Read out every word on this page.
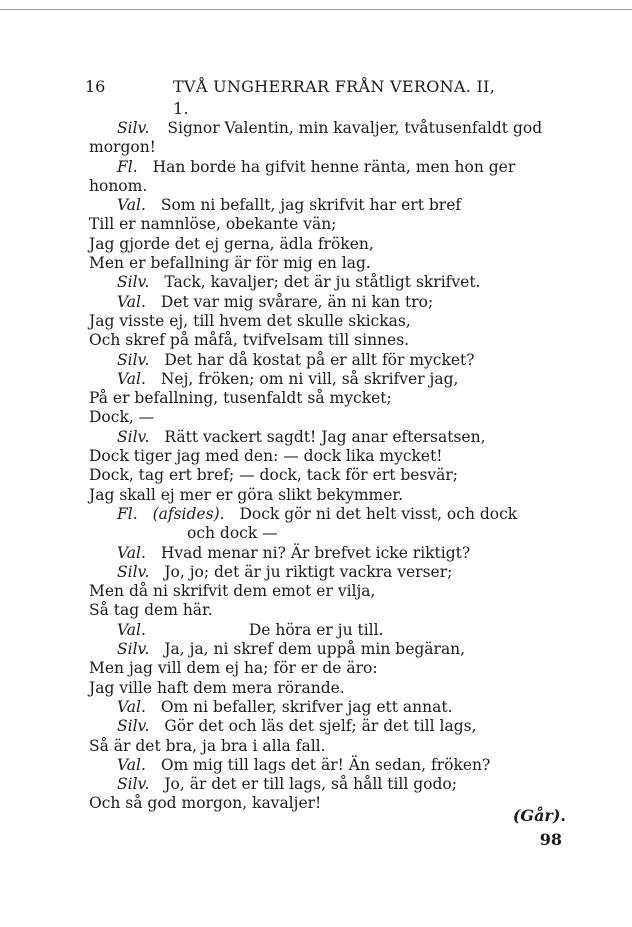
16	TVÅ UNGHERRAR FRÅN VERONA. II, 1.
Silv.	Signor Valentin, min kavaljer, tvåtusenfaldt god
morgon!
Fl. Han borde ha gifvit henne ränta, men hon ger
honom.
Val. Som ni befallt, jag skrifvit har ert bref
Till er namnlöse, obekante vän;
Jag gjorde det ej gerna, ädla fröken,
Men er befallning är för mig en lag.
Silv. Tack, kavaljer; det är ju ståtligt skrifvet.
Val. Det var mig svårare, än ni kan tro;
Jag visste ej, till hvem det skulle skickas,
Och skref på måfå, tvifvelsam till sinnes.
Silv. Det har då kostat på er allt för mycket?
Val. Nej, fröken; om ni vill, så skrifver jag,
På er befallning, tusenfaldt så mycket;
Dock, —
Silv. Rätt vackert sagdt! Jag anar eftersatsen,
Dock tiger jag med den: — dock lika mycket!
Dock, tag ert bref; — dock, tack för ert besvär;
Jag skall ej mer er göra slikt bekymmer.
Fl. (afsides). Dock gör ni det helt visst, och dock
och dock —
Val. Hvad menar ni? Är brefvet icke riktigt?
Silv. Jo, jo; det är ju riktigt vackra verser;
Men då ni skrifvit dem emot er vilja,
Så tag dem här.
Val.	De höra er ju till.
Silv. Ja, ja, ni skref dem uppå min begäran,
Men jag vill dem ej ha; för er de äro:
Jag ville haft dem mera rörande.
Val. Om ni befaller, skrifver jag ett annat.
Silv. Gör det och läs det sjelf; är det till lags,
Så är det bra, ja bra i alla fall.
Val. Om mig till lags det är! Än sedan, fröken?
Silv. Jo, är det er till lags, så håll till godo;
Och så god morgon, kavaljer!
(Går).
98
